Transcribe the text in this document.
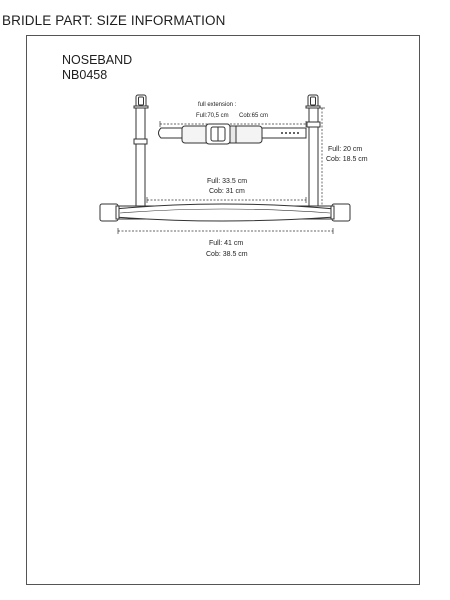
BRIDLE PART: SIZE INFORMATION
NOSEBAND
NB0458
full extension :
Full:70,5 cm Cob:65 cm
Full: 33.5 cm
Cob: 31 cm
Full: 20 cm
Cob: 18.5 cm
Full: 41 cm
Cob: 38.5 cm
